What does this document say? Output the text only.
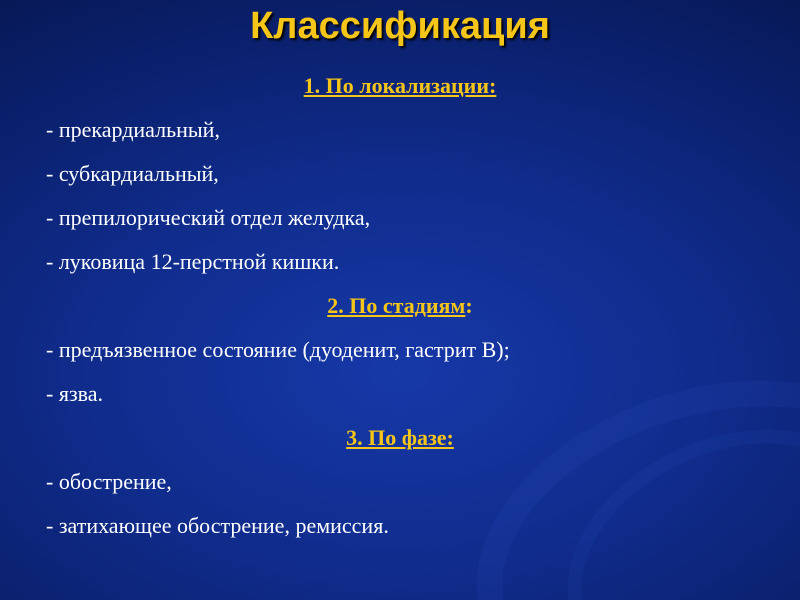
Классификация
1. По локализации:
- прекардиальный,
- субкардиальный,
- препилорический отдел желудка,
- луковица 12-перстной кишки.
2. По стадиям:
- предъязвенное состояние (дуоденит, гастрит В);
- язва.
3. По фазе:
- обострение,
- затихающее обострение, ремиссия.
